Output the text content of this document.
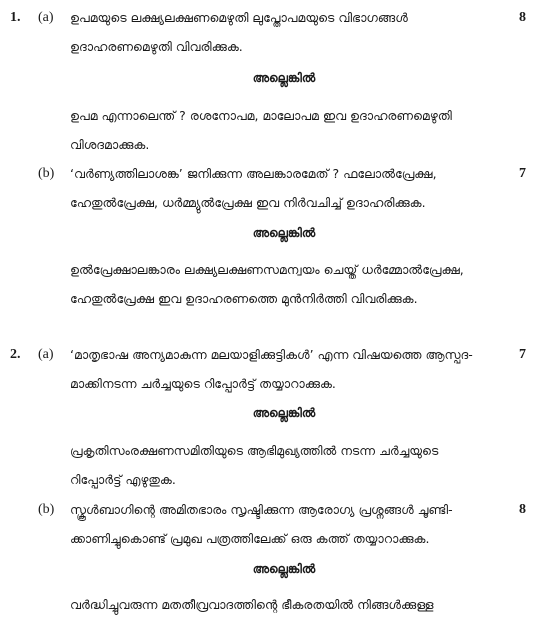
1. (a)	8
ഉപമയുടെ ലക്ഷ്യലക്ഷണമെഴുതി ലുപ്തോപമയുടെ വിഭാഗങ്ങൾ
ഉദാഹരണമെഴുതി വിവരിക്കുക.
അല്ലെങ്കിൽ
ഉപമ എന്നാലെന്ത് ? രശനോപമ, മാലോപമ ഇവ ഉദാഹരണമെഴുതി
വിശദമാക്കുക.
(b)	7
‘വർണ്യത്തിലാശങ്ക’ ജനിക്കുന്ന അലങ്കാരമേത് ? ഫലോൽപ്രേക്ഷ,
ഹേതുൽപ്രേക്ഷ, ധർമ്മ്യുൽപ്രേക്ഷ ഇവ നിർവചിച്ച് ഉദാഹരിക്കുക.
അല്ലെങ്കിൽ
ഉൽപ്രേക്ഷാലങ്കാരം ലക്ഷ്യലക്ഷണസമന്വയം ചെയ്ത് ധർമ്മോൽപ്രേക്ഷ,
ഹേതുൽപ്രേക്ഷ ഇവ ഉദാഹരണത്തെ മുൻനിർത്തി വിവരിക്കുക.
2. (a)	7
‘മാതൃഭാഷ അന്യമാകുന്ന മലയാളിക്കുട്ടികൾ’ എന്ന വിഷയത്തെ ആസ്പദ-
മാക്കിനടന്ന ചർച്ചയുടെ റിപ്പോർട്ട് തയ്യാറാക്കുക.
അല്ലെങ്കിൽ
പ്രകൃതിസംരക്ഷണസമിതിയുടെ ആഭിമുഖ്യത്തിൽ നടന്ന ചർച്ചയുടെ
റിപ്പോർട്ട് എഴുതുക.
(b)	8
സ്കൂൾബാഗിന്റെ അമിതഭാരം സൃഷ്ടിക്കുന്ന ആരോഗ്യ പ്രശ്നങ്ങൾ ചൂണ്ടി-
ക്കാണിച്ചുകൊണ്ട് പ്രമുഖ പത്രത്തിലേക്ക് ഒരു കത്ത് തയ്യാറാക്കുക.
അല്ലെങ്കിൽ
വർദ്ധിച്ചുവരുന്ന മതതീവ്രവാദത്തിന്റെ ഭീകരതയിൽ നിങ്ങൾക്കുള്ള
